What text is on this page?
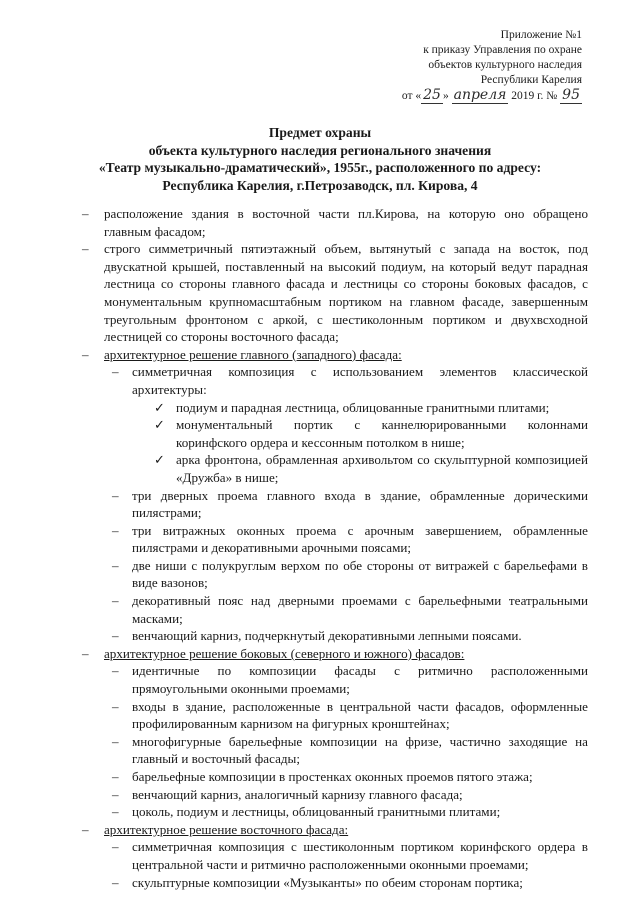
Приложение №1
к приказу Управления по охране
объектов культурного наследия
Республики Карелия
от « 25 » апреля 2019 г. № 95
Предмет охраны
объекта культурного наследия регионального значения
«Театр музыкально-драматический», 1955г., расположенного по адресу:
Республика Карелия, г.Петрозаводск, пл. Кирова, 4
– расположение здания в восточной части пл.Кирова, на которую оно обращено главным фасадом;
– строго симметричный пятиэтажный объем, вытянутый с запада на восток, под двускатной крышей, поставленный на высокий подиум, на который ведут парадная лестница со стороны главного фасада и лестницы со стороны боковых фасадов, с монументальным крупномасштабным портиком на главном фасаде, завершенным треугольным фронтоном с аркой, с шестиколонным портиком и двухвсходной лестницей со стороны восточного фасада;
– архитектурное решение главного (западного) фасада:
– симметричная композиция с использованием элементов классической архитектуры:
✓ подиум и парадная лестница, облицованные гранитными плитами;
✓ монументальный портик с каннелюрированными колоннами коринфского ордера и кессонным потолком в нише;
✓ арка фронтона, обрамленная архивольтом со скульптурной композицией «Дружба» в нише;
– три дверных проема главного входа в здание, обрамленные дорическими пилястрами;
– три витражных оконных проема с арочным завершением, обрамленные пилястрами и декоративными арочными поясами;
– две ниши с полукруглым верхом по обе стороны от витражей с барельефами в виде вазонов;
– декоративный пояс над дверными проемами с барельефными театральными масками;
– венчающий карниз, подчеркнутый декоративными лепными поясами.
– архитектурное решение боковых (северного и южного) фасадов:
– идентичные по композиции фасады с ритмично расположенными прямоугольными оконными проемами;
– входы в здание, расположенные в центральной части фасадов, оформленные профилированным карнизом на фигурных кронштейнах;
– многофигурные барельефные композиции на фризе, частично заходящие на главный и восточный фасады;
– барельефные композиции в простенках оконных проемов пятого этажа;
– венчающий карниз, аналогичный карнизу главного фасада;
– цоколь, подиум и лестницы, облицованный гранитными плитами;
– архитектурное решение восточного фасада:
– симметричная композиция с шестиколонным портиком коринфского ордера в центральной части и ритмично расположенными оконными проемами;
– скульптурные композиции «Музыканты» по обеим сторонам портика;
